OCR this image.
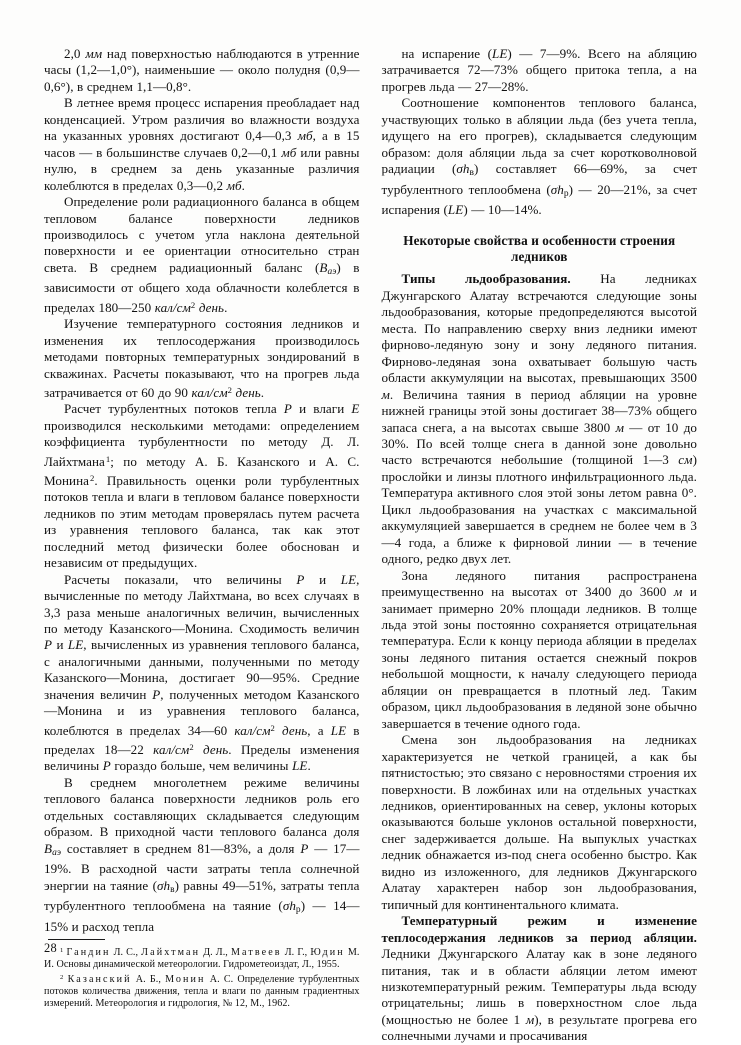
2,0 мм над поверхностью наблюдаются в утренние часы (1,2—1,0°), наименьшие — около полудня (0,9—0,6°), в среднем 1,1—0,8°.

В летнее время процесс испарения преобладает над конденсацией. Утром различия во влажности воздуха на указанных уровнях достигают 0,4—0,3 мб, а в 15 часов — в большинстве случаев 0,2—0,1 мб или равны нулю, в среднем за день указанные различия колеблются в пределах 0,3—0,2 мб.

Определение роли радиационного баланса в общем тепловом балансе поверхности ледников производилось с учетом угла наклона деятельной поверхности и ее ориентации относительно стран света. В среднем радиационный баланс $(B_{аэ})$ в зависимости от общего хода облачности колеблется в пределах 180—250 кал/$см^2$ день.

Изучение температурного состояния ледников и изменения их теплосодержания производилось методами повторных температурных зондирований в скважинах. Расчеты показывают, что на прогрев льда затрачивается от 60 до 90 кал/$см^2$ день.

Расчет турбулентных потоков тепла P и влаги E производился несколькими методами: определением коэффициента турбулентности по методу Д. Л. Лайхтмана$^1$; по методу А. Б. Казанского и А. С. Монина$^2$. Правильность оценки роли турбулентных потоков тепла и влаги в тепловом балансе поверхности ледников по этим методам проверялась путем расчета из уравнения теплового баланса, так как этот последний метод физически более обоснован и независим от предыдущих.

Расчеты показали, что величины P и LE, вычисленные по методу Лайхтмана, во всех случаях в 3,3 раза меньше аналогичных величин, вычисленных по методу Казанского—Монина. Сходимость величин P и LE, вычисленных из уравнения теплового баланса, с аналогичными данными, полученными по методу Казанского—Монина, достигает 90—95%. Средние значения величин P, полученных методом Казанского—Монина и из уравнения теплового баланса, колеблются в пределах 34—60 кал/$см^2$ день, а LE в пределах 18—22 кал/$см^2$ день. Пределы изменения величины P гораздо больше, чем величины LE.

В среднем многолетнем режиме величины теплового баланса поверхности ледников роль его отдельных составляющих складывается следующим образом. В приходной части теплового баланса доля $B_{аэ}$ составляет в среднем 81—83%, а доля P — 17—19%. В расходной части затраты тепла солнечной энергии на таяние (σhв) равны 49—51%, затраты тепла турбулентного теплообмена на таяние (σhр) — 14—15% и расход тепла

$^1$ Гандин Л. С., Лайхтман Д. Л., Матвеев Л. Г., Юдин М. И. Основы динамической метеорологии. Гидрометеоиздат, Л., 1955.

$^2$ Казанский А. Б., Монин А. С. Определение турбулентных потоков количества движения, тепла и влаги по данным градиентных измерений. Метеорология и гидрология, № 12, М., 1962.

на испарение (LE) — 7—9%. Всего на абляцию затрачивается 72—73% общего притока тепла, а на прогрев льда — 27—28%.

Соотношение компонентов теплового баланса, участвующих только в абляции льда (без учета тепла, идущего на его прогрев), складывается следующим образом: доля абляции льда за счет коротковолновой радиации (σhв) составляет 66—69%, за счет турбулентного теплообмена (σhр) — 20—21%, за счет испарения (LE) — 10—14%.

Некоторые свойства и особенности строения
ледников

Типы льдообразования. На ледниках Джунгарского Алатау встречаются следующие зоны льдообразования, которые предопределяются высотой места. По направлению сверху вниз ледники имеют фирново-ледяную зону и зону ледяного питания. Фирново-ледяная зона охватывает большую часть области аккумуляции на высотах, превышающих 3500 м. Величина таяния в период абляции на уровне нижней границы этой зоны достигает 38—73% общего запаса снега, а на высотах свыше 3800 м — от 10 до 30%. По всей толще снега в данной зоне довольно часто встречаются небольшие (толщиной 1—3 см) прослойки и линзы плотного инфильтрационного льда. Температура активного слоя этой зоны летом равна 0°. Цикл льдообразования на участках с максимальной аккумуляцией завершается в среднем не более чем в 3—4 года, а ближе к фирновой линии — в течение одного, редко двух лет.

Зона ледяного питания распространена преимущественно на высотах от 3400 до 3600 м и занимает примерно 20% площади ледников. В толще льда этой зоны постоянно сохраняется отрицательная температура. Если к концу периода абляции в пределах зоны ледяного питания остается снежный покров небольшой мощности, к началу следующего периода абляции он превращается в плотный лед. Таким образом, цикл льдообразования в ледяной зоне обычно завершается в течение одного года.

Смена зон льдообразования на ледниках характеризуется не четкой границей, а как бы пятнистостью; это связано с неровностями строения их поверхности. В ложбинах или на отдельных участках ледников, ориентированных на север, уклоны которых оказываются больше уклонов остальной поверхности, снег задерживается дольше. На выпуклых участках ледник обнажается из-под снега особенно быстро. Как видно из изложенного, для ледников Джунгарского Алатау характерен набор зон льдообразования, типичный для континентального климата.

Температурный режим и изменение теплосодержания ледников за период абляции. Ледники Джунгарского Алатау как в зоне ледяного питания, так и в области абляции летом имеют низкотемпературный режим. Температуры льда всюду отрицательны; лишь в поверхностном слое льда (мощностью не более 1 м), в результате прогрева его солнечными лучами и просачивания

28
